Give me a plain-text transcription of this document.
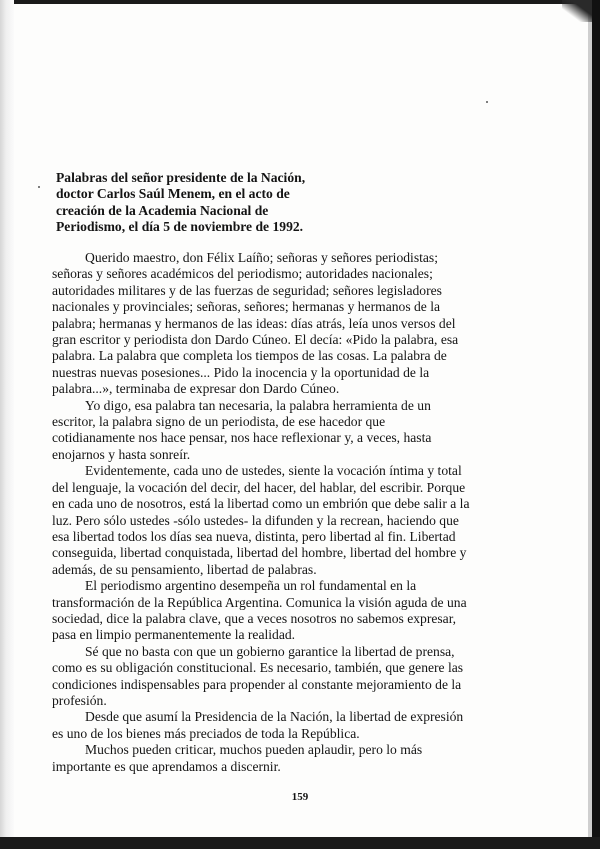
Palabras del señor presidente de la Nación,
doctor Carlos Saúl Menem, en el acto de
creación de la Academia Nacional de
Periodismo, el día 5 de noviembre de 1992.
Querido maestro, don Félix Laíño; señoras y señores periodistas;
señoras y señores académicos del periodismo; autoridades nacionales;
autoridades militares y de las fuerzas de seguridad; señores legisladores
nacionales y provinciales; señoras, señores; hermanas y hermanos de la
palabra; hermanas y hermanos de las ideas: días atrás, leía unos versos del
gran escritor y periodista don Dardo Cúneo. El decía: «Pido la palabra, esa
palabra. La palabra que completa los tiempos de las cosas. La palabra de
nuestras nuevas posesiones... Pido la inocencia y la oportunidad de la
palabra...», terminaba de expresar don Dardo Cúneo.
Yo digo, esa palabra tan necesaria, la palabra herramienta de un
escritor, la palabra signo de un periodista, de ese hacedor que
cotidianamente nos hace pensar, nos hace reflexionar y, a veces, hasta
enojarnos y hasta sonreír.
Evidentemente, cada uno de ustedes, siente la vocación íntima y total
del lenguaje, la vocación del decir, del hacer, del hablar, del escribir. Porque
en cada uno de nosotros, está la libertad como un embrión que debe salir a la
luz. Pero sólo ustedes -sólo ustedes- la difunden y la recrean, haciendo que
esa libertad todos los días sea nueva, distinta, pero libertad al fin. Libertad
conseguida, libertad conquistada, libertad del hombre, libertad del hombre y
además, de su pensamiento, libertad de palabras.
El periodismo argentino desempeña un rol fundamental en la
transformación de la República Argentina. Comunica la visión aguda de una
sociedad, dice la palabra clave, que a veces nosotros no sabemos expresar,
pasa en limpio permanentemente la realidad.
Sé que no basta con que un gobierno garantice la libertad de prensa,
como es su obligación constitucional. Es necesario, también, que genere las
condiciones indispensables para propender al constante mejoramiento de la
profesión.
Desde que asumí la Presidencia de la Nación, la libertad de expresión
es uno de los bienes más preciados de toda la República.
Muchos pueden criticar, muchos pueden aplaudir, pero lo más
importante es que aprendamos a discernir.
159
